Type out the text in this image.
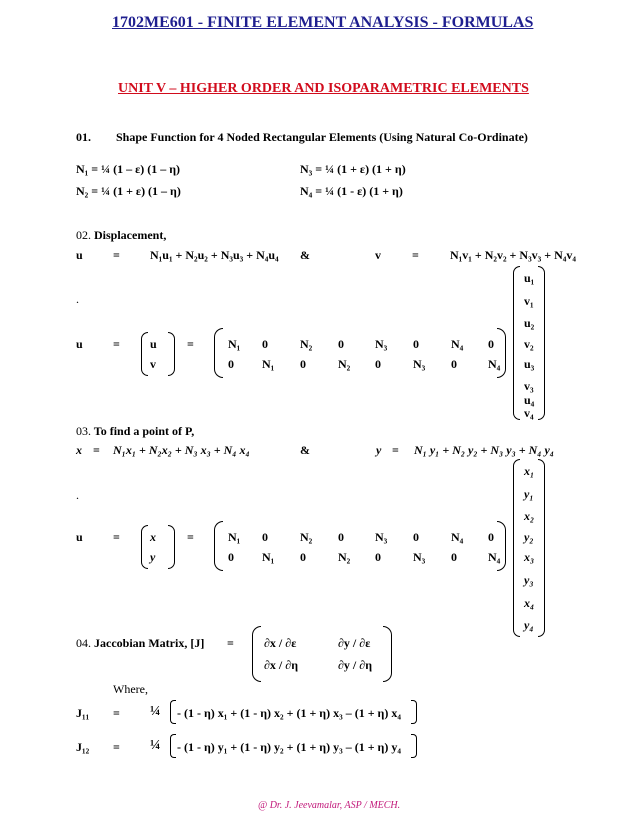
1702ME601 - FINITE ELEMENT ANALYSIS - FORMULAS
UNIT V – HIGHER ORDER AND ISOPARAMETRIC ELEMENTS
01. Shape Function for 4 Noded Rectangular Elements (Using Natural Co-Ordinate)
N₁ = ¼ (1 – ε) (1 – η)
N₂ = ¼ (1 + ε) (1 – η)
N₃ = ¼ (1 + ε) (1 + η)
N₄ = ¼ (1 - ε) (1 + η)
02. Displacement,
u	=	N₁u₁ + N₂u₂ + N₃u₃ + N₄u₄ &	v	=	N₁v₁ + N₂v₂ + N₃v₃ + N₄v₄
.
u	=	u
v
=	N₁ 0	N₂ 0	N₃ 0	N₄ 0
0 N₁ 0	N₂ 0	N₃ 0	N₄
u₁
v₁
u₂
v₂
u₃
v₃
u₄
v₄
03. To find a point of P,
x = N₁x₁ + N₂x₂ + N₃ x₃ + N₄ x₄	&	y = N₁ y₁ + N₂ y₂ + N₃ y₃ + N₄ y₄
.
u	=	x
y
=	N₁ 0	N₂ 0	N₃ 0	N₄ 0
0 N₁ 0	N₂ 0	N₃ 0	N₄
x₁
y₁
x₂
y₂
x₃
y₃
x₄
y₄
04. Jaccobian Matrix, [J] =	∂x / ∂ε	∂y / ∂ε
∂x / ∂η	∂y / ∂η
Where,
J₁₁ = ¼ - (1 - η) x₁ + (1 - η) x₂ + (1 + η) x₃ – (1 + η) x₄
J₁₂ = ¼ - (1 - η) y₁ + (1 - η) y₂ + (1 + η) y₃ – (1 + η) y₄
@ Dr. J. Jeevamalar, ASP / MECH.
